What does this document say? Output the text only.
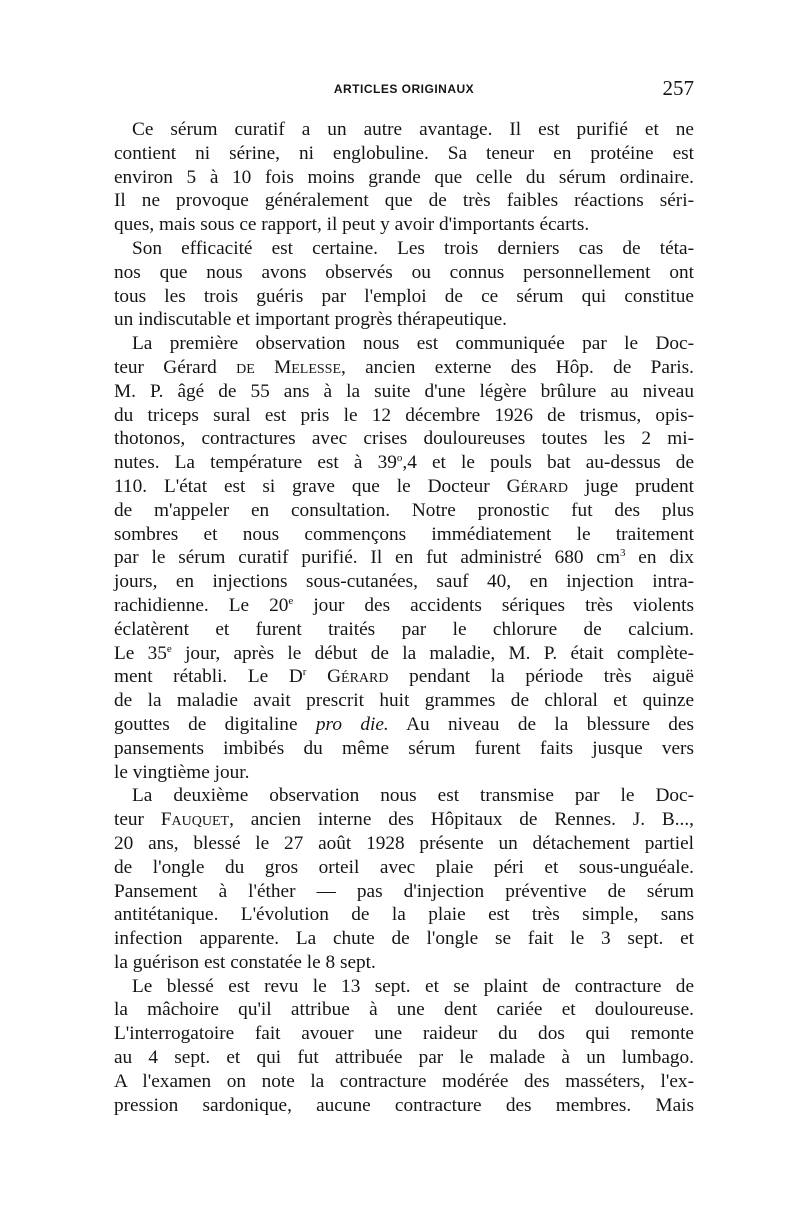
ARTICLES ORIGINAUX	257
Ce sérum curatif a un autre avantage. Il est purifié et ne
contient ni sérine, ni englobuline. Sa teneur en protéine est
environ 5 à 10 fois moins grande que celle du sérum ordinaire.
Il ne provoque généralement que de très faibles réactions séri-
ques, mais sous ce rapport, il peut y avoir d'importants écarts.
Son efficacité est certaine. Les trois derniers cas de téta-
nos que nous avons observés ou connus personnellement ont
tous les trois guéris par l'emploi de ce sérum qui constitue
un indiscutable et important progrès thérapeutique.
La première observation nous est communiquée par le Doc-
teur Gérard de Melesse, ancien externe des Hôp. de Paris.
M. P. âgé de 55 ans à la suite d'une légère brûlure au niveau
du triceps sural est pris le 12 décembre 1926 de trismus, opis-
thotonos, contractures avec crises douloureuses toutes les 2 mi-
nutes. La température est à 39$^o$,4 et le pouls bat au-dessus de
110. L'état est si grave que le Docteur Gérard juge prudent
de m'appeler en consultation. Notre pronostic fut des plus
sombres et nous commençons immédiatement le traitement
par le sérum curatif purifié. Il en fut administré 680 $cm^3$ en dix
jours, en injections sous-cutanées, sauf 40, en injection intra-
rachidienne. Le 20e jour des accidents sériques très violents
éclatèrent et furent traités par le chlorure de calcium.
Le 35e jour, après le début de la maladie, M. P. était complète-
ment rétabli. Le $D^r$ Gérard pendant la période très aiguë
de la maladie avait prescrit huit grammes de chloral et quinze
gouttes de digitaline pro die. Au niveau de la blessure des
pansements imbibés du même sérum furent faits jusque vers
le vingtième jour.
La deuxième observation nous est transmise par le Doc-
teur Fauquet, ancien interne des Hôpitaux de Rennes. J. B...,
20 ans, blessé le 27 août 1928 présente un détachement partiel
de l'ongle du gros orteil avec plaie péri et sous-unguéale.
Pansement à l'éther — pas d'injection préventive de sérum
antitétanique. L'évolution de la plaie est très simple, sans
infection apparente. La chute de l'ongle se fait le 3 sept. et
la guérison est constatée le 8 sept.
Le blessé est revu le 13 sept. et se plaint de contracture de
la mâchoire qu'il attribue à une dent cariée et douloureuse.
L'interrogatoire fait avouer une raideur du dos qui remonte
au 4 sept. et qui fut attribuée par le malade à un lumbago.
A l'examen on note la contracture modérée des masséters, l'ex-
pression sardonique, aucune contracture des membres. Mais
